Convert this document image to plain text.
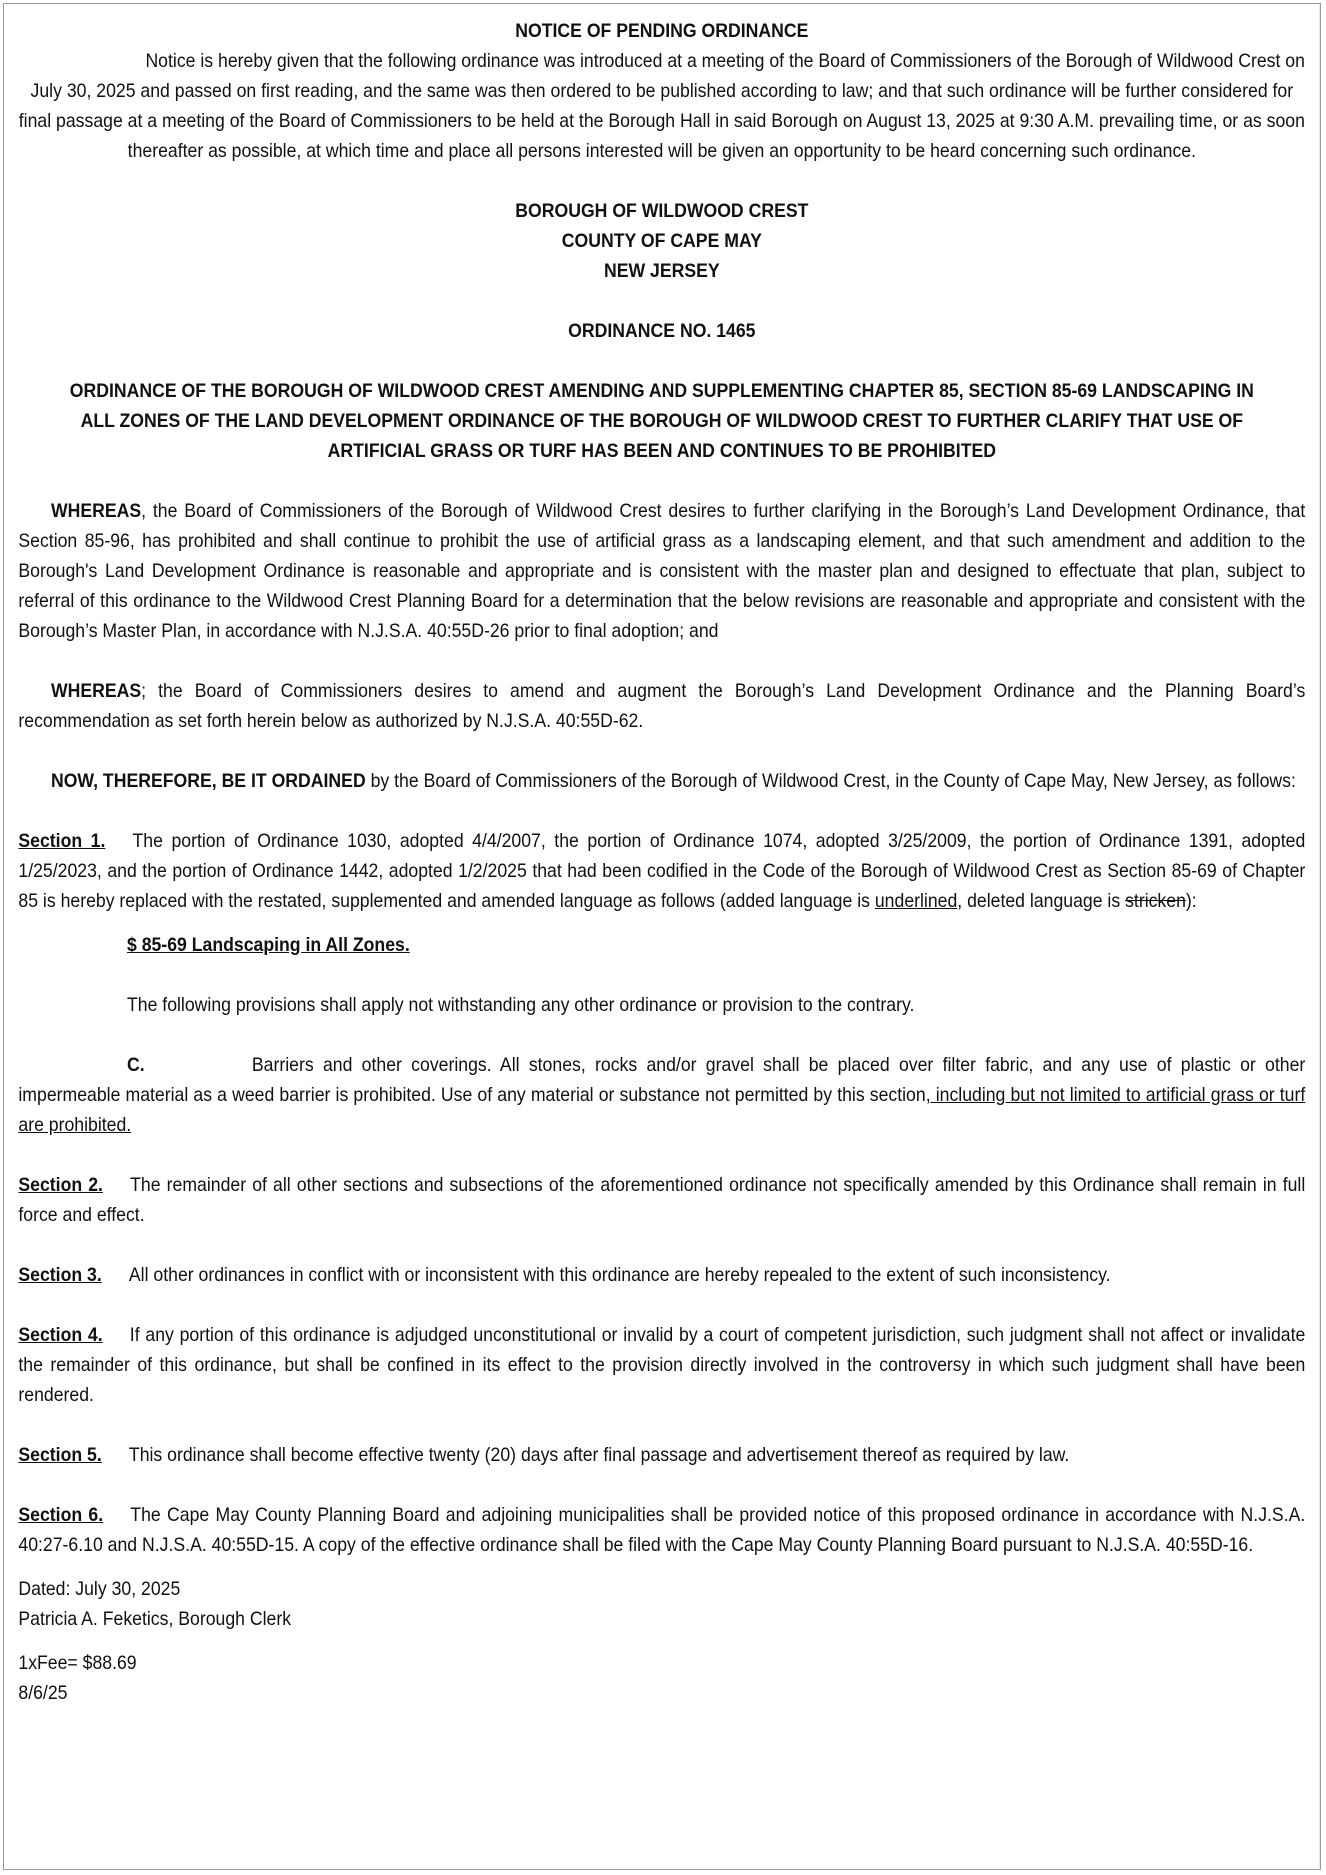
NOTICE OF PENDING ORDINANCE

Notice is hereby given that the following ordinance was introduced at a meeting of the Board of Commissioners of the Borough of Wildwood Crest on July 30, 2025 and passed on first reading, and the same was then ordered to be published according to law; and that such ordinance will be further considered for final passage at a meeting of the Board of Commissioners to be held at the Borough Hall in said Borough on August 13, 2025 at 9:30 A.M. prevailing time, or as soon thereafter as possible, at which time and place all persons interested will be given an opportunity to be heard concerning such ordinance.

BOROUGH OF WILDWOOD CREST

COUNTY OF CAPE MAY

NEW JERSEY

ORDINANCE NO. 1465

ORDINANCE OF THE BOROUGH OF WILDWOOD CREST AMENDING AND SUPPLEMENTING CHAPTER 85, SECTION 85-69 LANDSCAPING IN ALL ZONES OF THE LAND DEVELOPMENT ORDINANCE OF THE BOROUGH OF WILDWOOD CREST TO FURTHER CLARIFY THAT USE OF ARTIFICIAL GRASS OR TURF HAS BEEN AND CONTINUES TO BE PROHIBITED

WHEREAS, the Board of Commissioners of the Borough of Wildwood Crest desires to further clarifying in the Borough’s Land Development Ordinance, that Section 85-96, has prohibited and shall continue to prohibit the use of artificial grass as a landscaping element, and that such amendment and addition to the Borough's Land Development Ordinance is reasonable and appropriate and is consistent with the master plan and designed to effectuate that plan, subject to referral of this ordinance to the Wildwood Crest Planning Board for a determination that the below revisions are reasonable and appropriate and consistent with the Borough’s Master Plan, in accordance with N.J.S.A. 40:55D-26 prior to final adoption; and

WHEREAS; the Board of Commissioners desires to amend and augment the Borough’s Land Development Ordinance and the Planning Board’s recommendation as set forth herein below as authorized by N.J.S.A. 40:55D-62.

NOW, THEREFORE, BE IT ORDAINED by the Board of Commissioners of the Borough of Wildwood Crest, in the County of Cape May, New Jersey, as follows:

Section 1. The portion of Ordinance 1030, adopted 4/4/2007, the portion of Ordinance 1074, adopted 3/25/2009, the portion of Ordinance 1391, adopted 1/25/2023, and the portion of Ordinance 1442, adopted 1/2/2025 that had been codified in the Code of the Borough of Wildwood Crest as Section 85-69 of Chapter 85 is hereby replaced with the restated, supplemented and amended language as follows (added language is underlined, deleted language is stricken):

$ 85-69 Landscaping in All Zones.

The following provisions shall apply not withstanding any other ordinance or provision to the contrary.

C.	Barriers and other coverings. All stones, rocks and/or gravel shall be placed over filter fabric, and any use of plastic or other impermeable material as a weed barrier is prohibited. Use of any material or substance not permitted by this section, including but not limited to artificial grass or turf are prohibited.

Section 2. The remainder of all other sections and subsections of the aforementioned ordinance not specifically amended by this Ordinance shall remain in full force and effect.

Section 3. All other ordinances in conflict with or inconsistent with this ordinance are hereby repealed to the extent of such inconsistency.

Section 4. If any portion of this ordinance is adjudged unconstitutional or invalid by a court of competent jurisdiction, such judgment shall not affect or invalidate the remainder of this ordinance, but shall be confined in its effect to the provision directly involved in the controversy in which such judgment shall have been rendered.

Section 5. This ordinance shall become effective twenty (20) days after final passage and advertisement thereof as required by law.

Section 6. The Cape May County Planning Board and adjoining municipalities shall be provided notice of this proposed ordinance in accordance with N.J.S.A. 40:27-6.10 and N.J.S.A. 40:55D-15. A copy of the effective ordinance shall be filed with the Cape May County Planning Board pursuant to N.J.S.A. 40:55D-16.

Dated: July 30, 2025

Patricia A. Feketics, Borough Clerk

1xFee= $88.69

8/6/25
